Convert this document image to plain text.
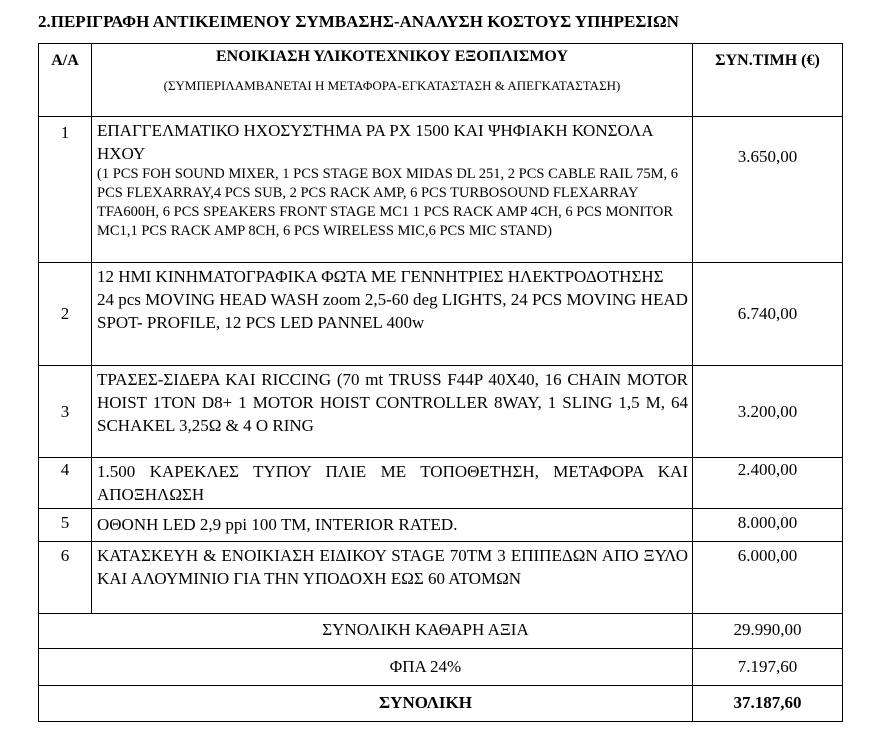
2.ΠΕΡΙΓΡΑΦΗ ΑΝΤΙΚΕΙΜΕΝΟΥ ΣΥΜΒΑΣΗΣ-ΑΝΑΛΥΣΗ ΚΟΣΤΟΥΣ ΥΠΗΡΕΣΙΩΝ
Α/Α	ΕΝΟΙΚΙΑΣΗ ΥΛΙΚΟΤΕΧΝΙΚΟΥ ΕΞΟΠΛΙΣΜΟΥ
(ΣΥΜΠΕΡΙΛΑΜΒΑΝΕΤΑΙ Η ΜΕΤΑΦΟΡΑ-ΕΓΚΑΤΑΣΤΑΣΗ & ΑΠΕΓΚΑΤΑΣΤΑΣΗ)	ΣΥΝ.ΤΙΜΗ (€)
1	ΕΠΑΓΓΕΛΜΑΤΙΚΟ ΗΧΟΣΥΣΤΗΜΑ PA PX 1500 ΚΑΙ ΨΗΦΙΑΚΗ ΚΟΝΣΟΛΑ ΗΧΟΥ
(1 PCS FOH SOUND MIXER, 1 PCS STAGE BOX MIDAS DL 251, 2 PCS CABLE RAIL 75M, 6 PCS FLEXARRAY,4 PCS SUB, 2 PCS RACK AMP, 6 PCS TURBOSOUND FLEXARRAY TFA600H, 6 PCS SPEAKERS FRONT STAGE MC1 1 PCS RACK AMP 4CH, 6 PCS MONITOR MC1,1 PCS RACK AMP 8CH, 6 PCS WIRELESS MIC,6 PCS MIC STAND)	3.650,00
2	12 ΗΜΙ ΚΙΝΗΜΑΤΟΓΡΑΦΙΚΑ ΦΩΤΑ ΜΕ ΓΕΝΝΗΤΡΙΕΣ ΗΛΕΚΤΡΟΔΟΤΗΣΗΣ
24 pcs MOVING HEAD WASH zoom 2,5-60 deg LIGHTS, 24 PCS MOVING HEAD SPOT- PROFILE, 12 PCS LED PANNEL 400w	6.740,00
3	ΤΡΑΣΕΣ-ΣΙΔΕΡΑ ΚΑΙ RICCING (70 mt TRUSS F44P 40X40, 16 CHAIN MOTOR HOIST 1TON D8+ 1 MOTOR HOIST CONTROLLER 8WAY, 1 SLING 1,5 M, 64 SCHAKEL 3,25Ω & 4 O RING	3.200,00
4	1.500 ΚΑΡΕΚΛΕΣ ΤΥΠΟΥ ΠΛΙΕ ΜΕ ΤΟΠΟΘΕΤΗΣΗ, ΜΕΤΑΦΟΡΑ ΚΑΙ ΑΠΟΞΗΛΩΣΗ	2.400,00
5	ΟΘΟΝΗ LED 2,9 ppi 100 TM, INTERIOR RATED.	8.000,00
6	ΚΑΤΑΣΚΕΥΗ & ΕΝΟΙΚΙΑΣΗ ΕΙΔΙΚΟΥ STAGE 70TM 3 ΕΠΙΠΕΔΩΝ ΑΠΟ ΞΥΛΟ ΚΑΙ ΑΛΟΥΜΙΝΙΟ ΓΙΑ ΤΗΝ ΥΠΟΔΟΧΗ ΕΩΣ 60 ΑΤΟΜΩΝ	6.000,00
ΣΥΝΟΛΙΚΗ ΚΑΘΑΡΗ ΑΞΙΑ		29.990,00
ΦΠΑ 24%		7.197,60
ΣΥΝΟΛΙΚΗ		37.187,60
